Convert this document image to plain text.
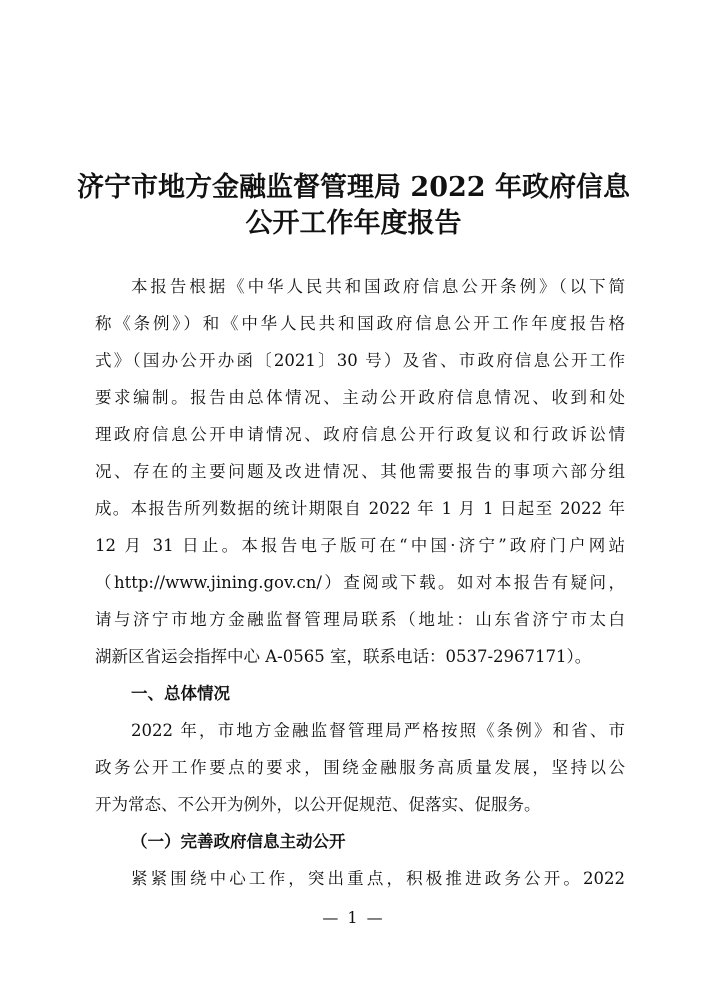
济宁市地方金融监督管理局 2022 年政府信息
公开工作年度报告
本报告根据《中华人民共和国政府信息公开条例》（以下简
称《条例》）和《中华人民共和国政府信息公开工作年度报告格
式》（国办公开办函〔2021〕30 号）及省、市政府信息公开工作
要求编制。报告由总体情况、主动公开政府信息情况、收到和处
理政府信息公开申请情况、政府信息公开行政复议和行政诉讼情
况、存在的主要问题及改进情况、其他需要报告的事项六部分组
成。本报告所列数据的统计期限自 2022 年 1 月 1 日起至 2022 年
12 月 31 日止。本报告电子版可在“中国·济宁”政府门户网站
（http://www.jining.gov.cn/）查阅或下载。如对本报告有疑问，
请与济宁市地方金融监督管理局联系（地址：山东省济宁市太白
湖新区省运会指挥中心 A-0565 室，联系电话：0537-2967171）。
一、总体情况
2022 年，市地方金融监督管理局严格按照《条例》和省、市
政务公开工作要点的要求，围绕金融服务高质量发展，坚持以公
开为常态、不公开为例外，以公开促规范、促落实、促服务。
（一）完善政府信息主动公开
紧紧围绕中心工作，突出重点，积极推进政务公开。2022
— 1 —
